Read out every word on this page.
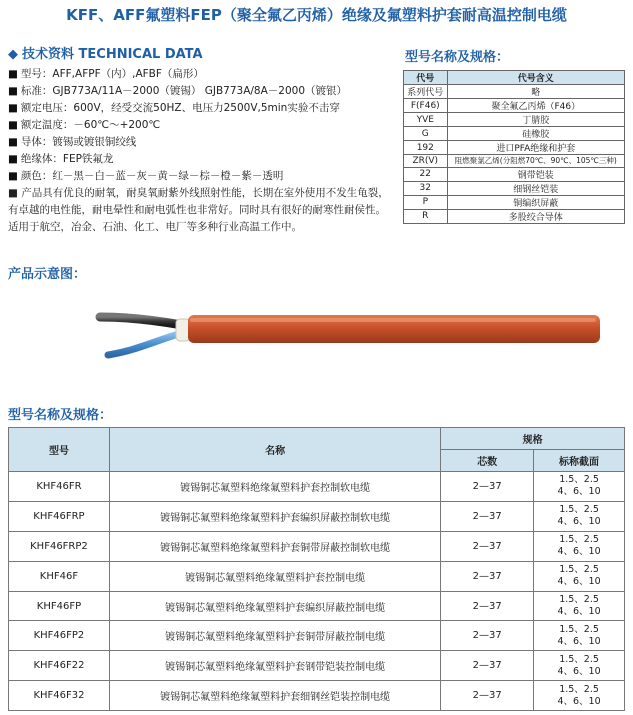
KFF、AFF氟塑料FEP（聚全氟乙丙烯）绝缘及氟塑料护套耐高温控制电缆
◆ 技术资料 TECHNICAL DATA
■ 型号：AFF,AFPF（内）,AFBF（扁形）
■ 标准：GJB773A/11A－2000（镀锡） GJB773A/8A－2000（镀银）
■ 额定电压：600V，经受交流50HZ、电压力2500V,5min实验不击穿
■ 额定温度：－60℃～+200℃
■ 导体：镀锡或镀银铜绞线
■ 绝缘体：FEP铁氟龙
■ 颜色：红－黑－白－蓝－灰－黄－绿－棕－橙－紫－透明
■ 产品具有优良的耐氧，耐臭氧耐紫外线照射性能，长期在室外使用不发生龟裂，有卓越的电性能，耐电晕性和耐电弧性也非常好。同时具有很好的耐寒性耐侯性。适用于航空，冶金、石油、化工、电厂等多种行业高温工作中。
型号名称及规格：
代号	代号含义
系列代号	略
F(F46)	聚全氟乙丙烯（F46）
YVE	丁腈胶
G	硅橡胶
192	进口PFA绝缘和护套
ZR(V)	阻燃聚氯乙烯(分阻燃70℃、90℃、105℃三种)
22	钢带铠装
32	细钢丝铠装
P	铜编织屏蔽
R	多股绞合导体
产品示意图：
型号名称及规格：
型号	名称	规格	
		芯数	标称截面
KHF46FR	镀锡铜芯氟塑料绝缘氟塑料护套控制软电缆	2—37	1.5、2.5
4、6、10

KHF46FRP	镀锡铜芯氟塑料绝缘氟塑料护套编织屏蔽控制软电缆	2—37	1.5、2.5
4、6、10

KHF46FRP2	镀锡铜芯氟塑料绝缘氟塑料护套铜带屏蔽控制软电缆	2—37	1.5、2.5
4、6、10

KHF46F	镀锡铜芯氟塑料绝缘氟塑料护套控制电缆	2—37	1.5、2.5
4、6、10

KHF46FP	镀锡铜芯氟塑料绝缘氟塑料护套编织屏蔽控制电缆	2—37	1.5、2.5
4、6、10

KHF46FP2	镀锡铜芯氟塑料绝缘氟塑料护套铜带屏蔽控制电缆	2—37	1.5、2.5
4、6、10

KHF46F22	镀锡铜芯氟塑料绝缘氟塑料护套钢带铠装控制电缆	2—37	1.5、2.5
4、6、10

KHF46F32	镀锡铜芯氟塑料绝缘氟塑料护套细钢丝铠装控制电缆	2—37	1.5、2.5
4、6、10
